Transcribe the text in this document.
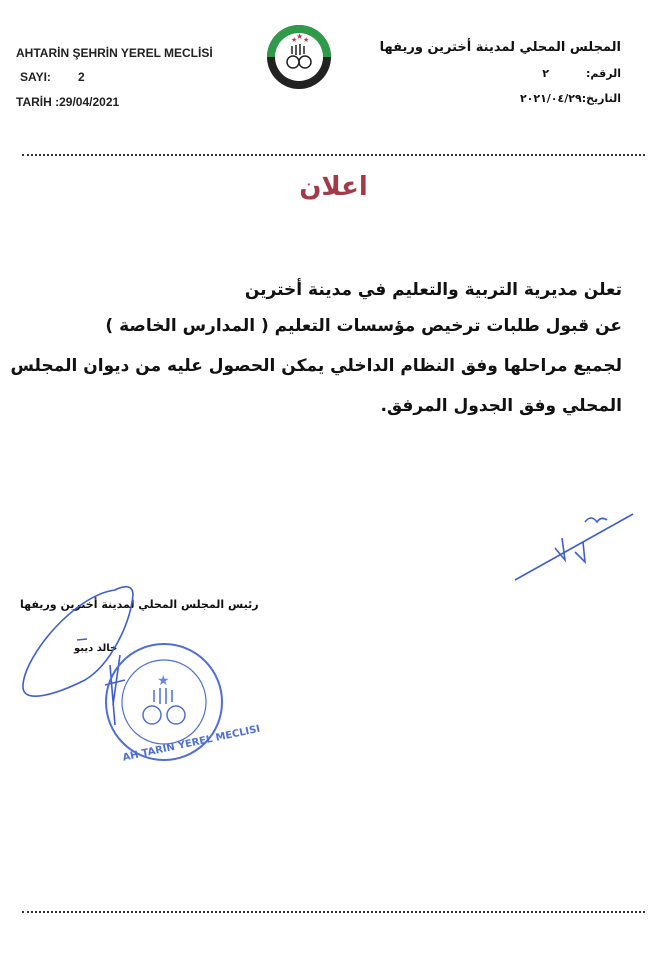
AHTARİN ŞEHRİN YEREL MECLİSİ
SAYI: 2
TARİH :29/04/2021
★
★ ★	المجلس المحلي لمدينة أخترين وريفها
الرقم:
٢
التاريخ:٢٠٢١/٠٤/٢٩
اعلان
تعلن مديرية التربية والتعليم في مدينة أخترين
عن قبول طلبات ترخيص مؤسسات التعليم ( المدارس الخاصة )
لجميع مراحلها وفق النظام الداخلي يمكن الحصول عليه من ديوان المجلس
المحلي وفق الجدول المرفق.
رئيس المجلس المحلي لمدينة أخترين وريفها
خالد ديبو
★
AH TARIN YEREL MECLISI
